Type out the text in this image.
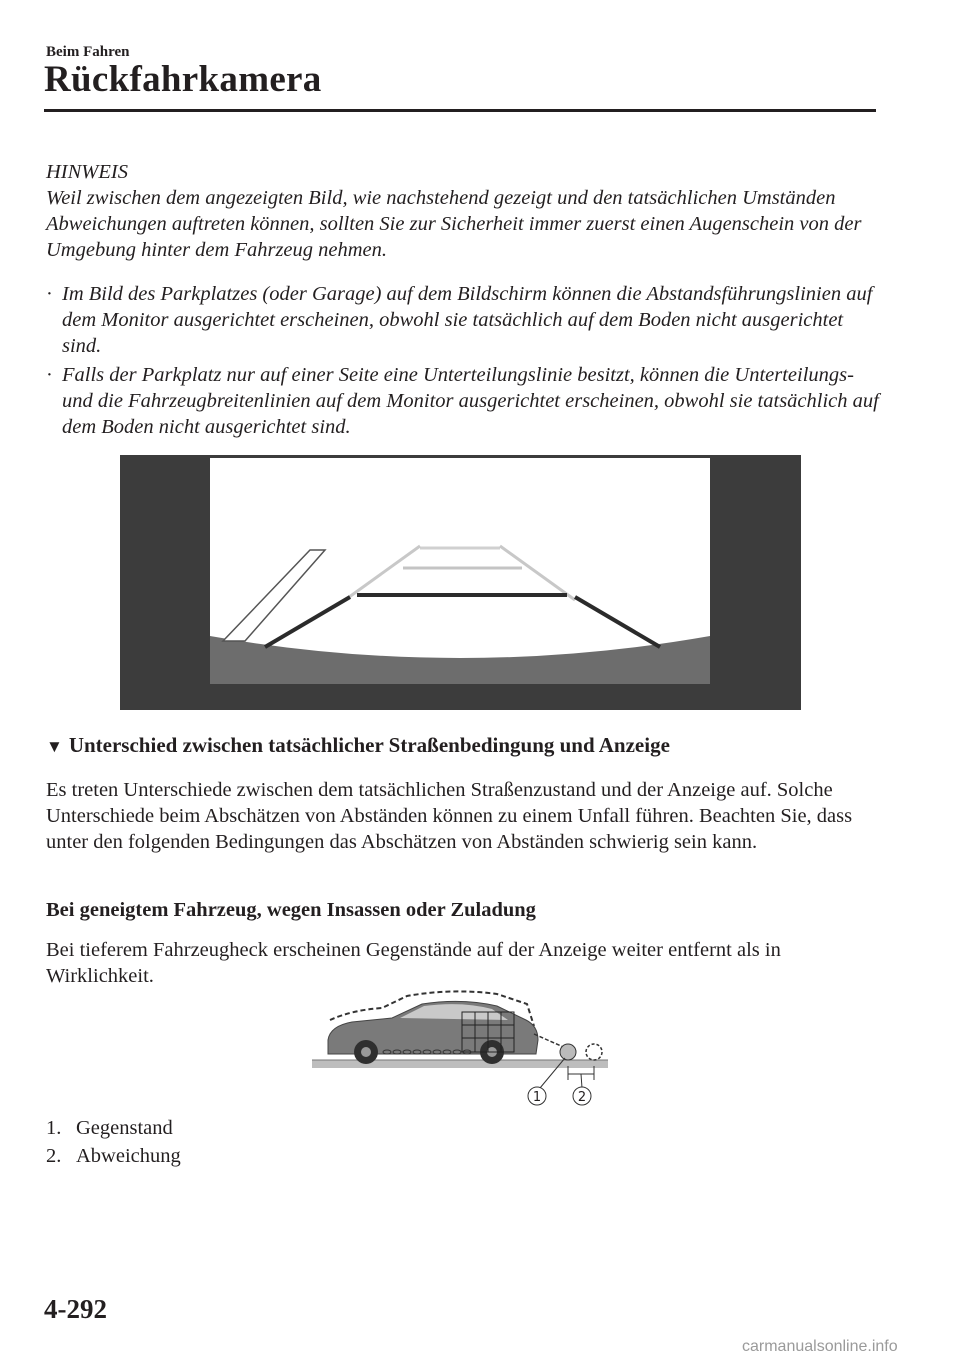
Beim Fahren
Rückfahrkamera
HINWEIS
Weil zwischen dem angezeigten Bild, wie nachstehend gezeigt und den tatsächlichen Umständen Abweichungen auftreten können, sollten Sie zur Sicherheit immer zuerst einen Augenschein von der Umgebung hinter dem Fahrzeug nehmen.
· Im Bild des Parkplatzes (oder Garage) auf dem Bildschirm können die Abstandsführungslinien auf dem Monitor ausgerichtet erscheinen, obwohl sie tatsächlich auf dem Boden nicht ausgerichtet sind.
· Falls der Parkplatz nur auf einer Seite eine Unterteilungslinie besitzt, können die Unterteilungs- und die Fahrzeugbreitenlinien auf dem Monitor ausgerichtet erscheinen, obwohl sie tatsächlich auf dem Boden nicht ausgerichtet sind.
▼ Unterschied zwischen tatsächlicher Straßenbedingung und Anzeige
Es treten Unterschiede zwischen dem tatsächlichen Straßenzustand und der Anzeige auf. Solche Unterschiede beim Abschätzen von Abständen können zu einem Unfall führen. Beachten Sie, dass unter den folgenden Bedingungen das Abschätzen von Abständen schwierig sein kann.
Bei geneigtem Fahrzeug, wegen Insassen oder Zuladung
Bei tieferem Fahrzeugheck erscheinen Gegenstände auf der Anzeige weiter entfernt als in Wirklichkeit.
1	2
1. Gegenstand
2. Abweichung
4-292
carmanualsonline.info
